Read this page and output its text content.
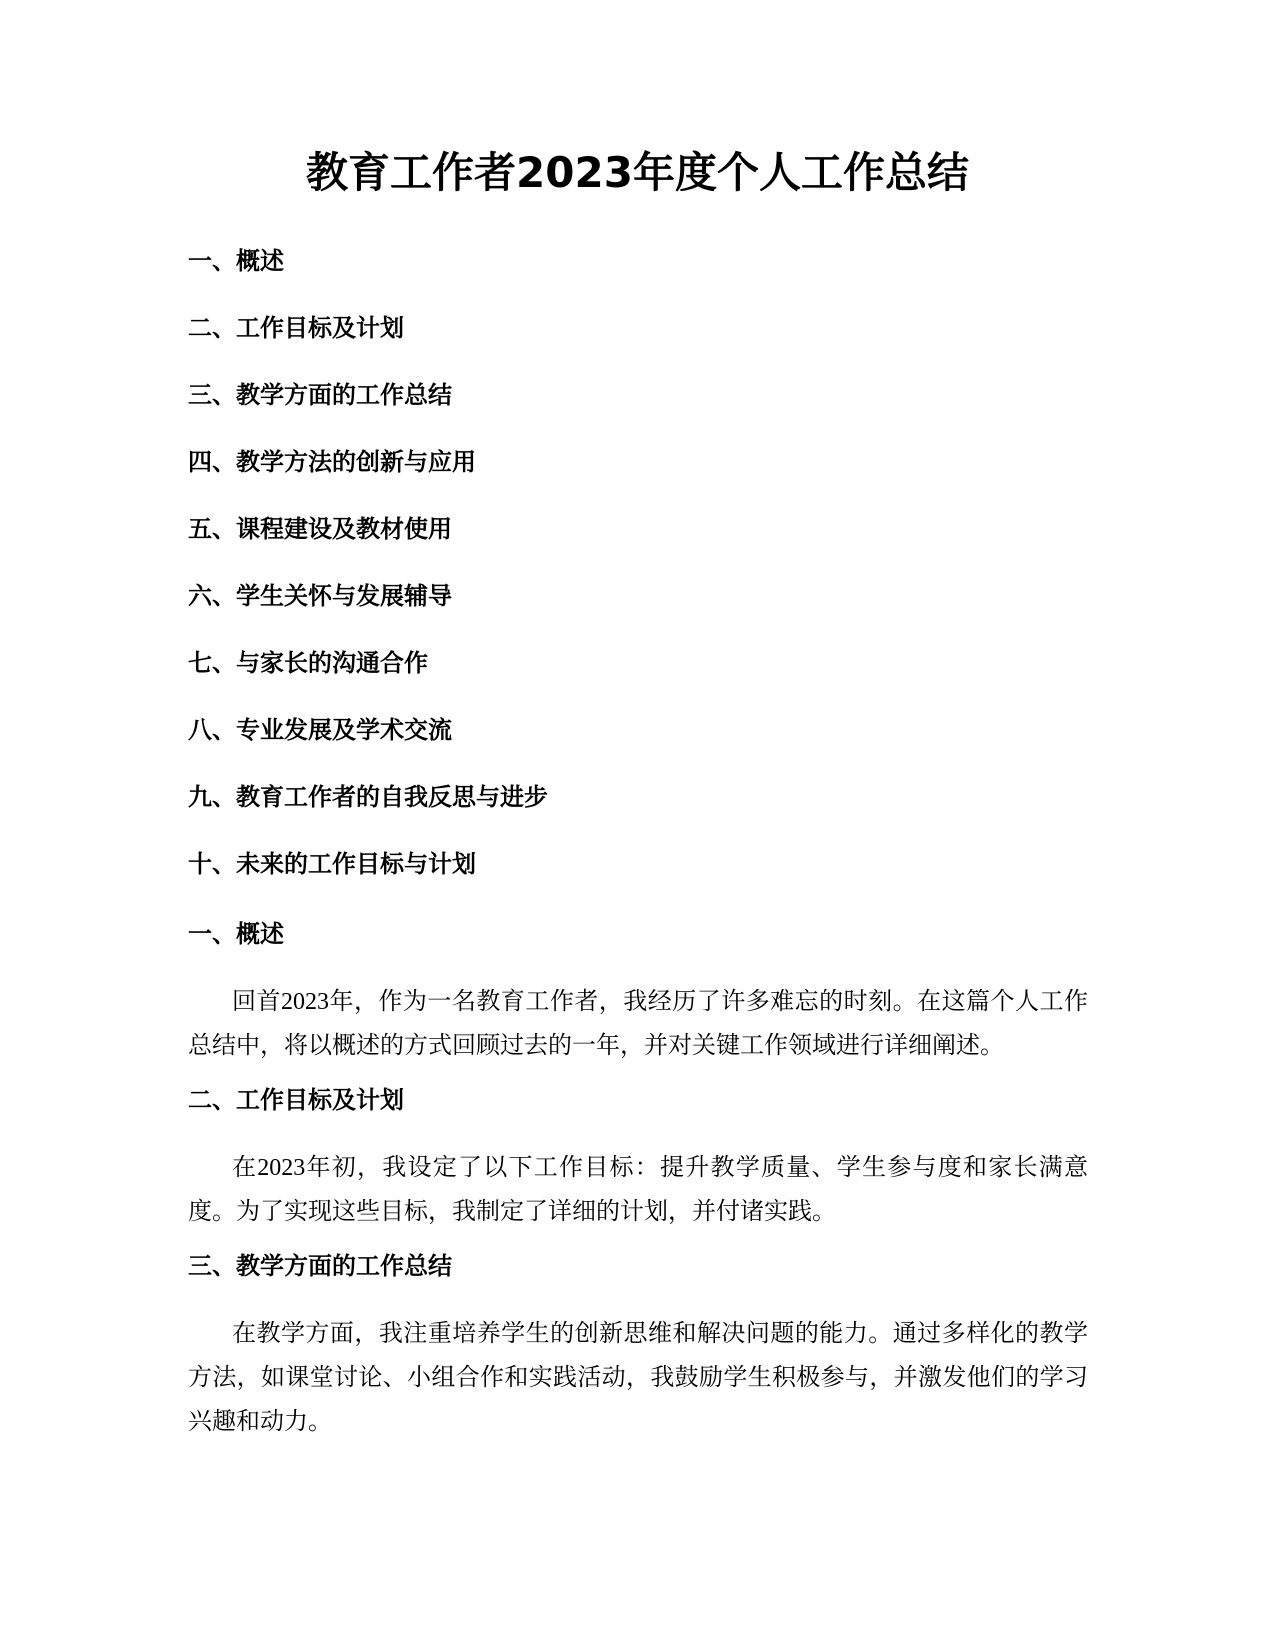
教育工作者2023年度个人工作总结
一、概述
二、工作目标及计划
三、教学方面的工作总结
四、教学方法的创新与应用
五、课程建设及教材使用
六、学生关怀与发展辅导
七、与家长的沟通合作
八、专业发展及学术交流
九、教育工作者的自我反思与进步
十、未来的工作目标与计划
一、概述

回首2023年，作为一名教育工作者，我经历了许多难忘的时刻。在这篇个人工作总结中，将以概述的方式回顾过去的一年，并对关键工作领域进行详细阐述。

二、工作目标及计划

在2023年初，我设定了以下工作目标：提升教学质量、学生参与度和家长满意度。为了实现这些目标，我制定了详细的计划，并付诸实践。

三、教学方面的工作总结

在教学方面，我注重培养学生的创新思维和解决问题的能力。通过多样化的教学方法，如课堂讨论、小组合作和实践活动，我鼓励学生积极参与，并激发他们的学习兴趣和动力。
